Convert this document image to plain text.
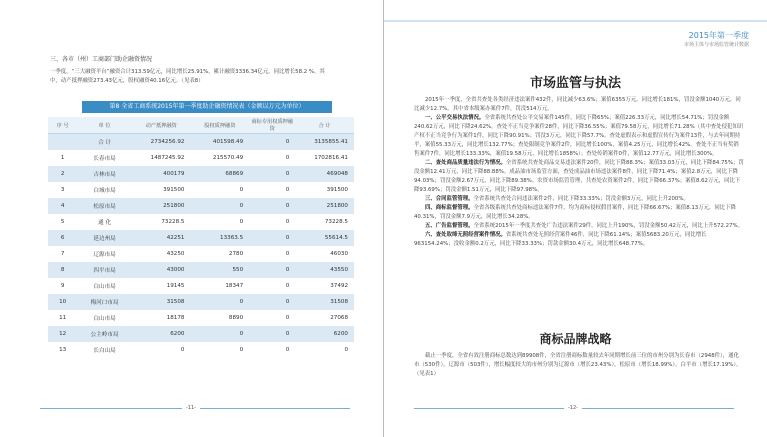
三、各市（州）工商部门助企融资情况
一季度，“三大融资平台”融资合计313.59亿元，同比增长25.91%，累计融资3336.34亿元，同比增长58.2 %。其中，动产抵押融资273.43亿元，股权融资40.16亿元。（见表8）
第8 全省工商系统2015年第一季度助企融资情况表（金额以万元为单位）
序 号	单 位	动产抵押融资	股权质押融资	商标专用权质押融资	合 计
	合 计	2734256.92	401598.49	0	3135855.41
1	长春市局	1487245.92	215570.49	0	1702816.41
2	吉林市局	400179	68869	0	469048
3	白城市局	391500	0	0	391500
4	松原市局	251800	0	0	251800
5	通 化	73228.5	0	0	73228.5
6	延边州局	42251	13363.5	0	55614.5
7	辽源市局	43250	2780	0	46030
8	四平市局	43000	550	0	43550
9	白山市局	19145	18347	0	37492
10	梅河口市局	31508	0	0	31508
11	白山市局	18178	8890	0	27068
12	公主岭市局	6200	0	0	6200
13	长白山局	0	0	0	0
-11-
2015年第一季度
市场主体与市场监管统计数据
市场监管与执法
2015年一季度，全省共查处各类经济违法案件432件，同比减少63.6%；案值6355万元，同比增长181%，罚没金额1040万元，同比减少12.7%。其中省本级案办案件7件，罚没514万元。
一、公平交易执法情况。全省系统共查处公平交易案件145件，同比下降65%；案值226.33万元，同比增长54.71%；罚没金额240.62万元，同比下降24.62%。查处不正当竞争案件28件，同比下降36.55%；案值79.58万元，同比增长71.28%（其中查处侵犯知识产权不正当竞争行为案件1件，同比下降90.91%；罚没3万元，同比下降57.7%。查处虚假表示和虚假宣传行为案件13件，与去年同期持平，案值55.33万元，同比增长132.77%；查处限制竞争案件2件，同比增长100%，案值4.25万元，同比增长42%。查处不正当有奖销售案件7件，同比增长133.33%，案值19.58万元，同比增长1858%）；查处传销案件0件，案值12.77万元，同比增长300%。
二、查处商品质量违法行为情况。全省系统共查处商品交易违法案件20件，同比下降88.3%；案值33.03万元，同比下降84.75%；罚没金额12.41万元，同比下降88.88%。成品油市场监管方面，查处成品油市场违法案件8件，同比下降71.4%；案值2.8万元，同比下降94.03%；罚没金额2.67万元，同比下降89.38%。农资市场监管管理，共查处农资案件2件，同比下降66.37%；案值8.62万元，同比下降93.69%；罚没金额1.51万元，同比下降97.98%。
三、合同监管管理。全省系统共查处合同违法案件2件，同比下降33.33%；罚没金额3万元，同比上升200%。
四、商标监督管理。全省各级系统共查处商标违法案件7件，均为商标侵权假冒案件，同比下降66.67%；案值8.13万元，同比下降40.31%，罚没金额7.9万元，同比增长34.28%。
五、广告监督管理。全省系统2015年一季度共查处广告违法案件29件，同比上升190%，罚没金额50.42万元，同比上升572.27%。
六、查处取缔无照经营案件情况。省系统共查处无照经营案件46件，同比下降61.14%；案值5683.20万元，同比增长963154.24%；没收金额0.2万元，同比下降33.33%；罚款金额30.4万元，同比增长648.77%。
商标品牌战略
截止一季度，全省有效注册商标总数达到89908件，全省注册商标数量较去年同期增长前三位的市州分别为长春市（2948件），通化市（530件），辽源市（503件），增长幅度较大的市州分别为辽源市（增长23.43%），松原市（增长18.99%），白平市（增长17.19%）。（见表1）
-12-
